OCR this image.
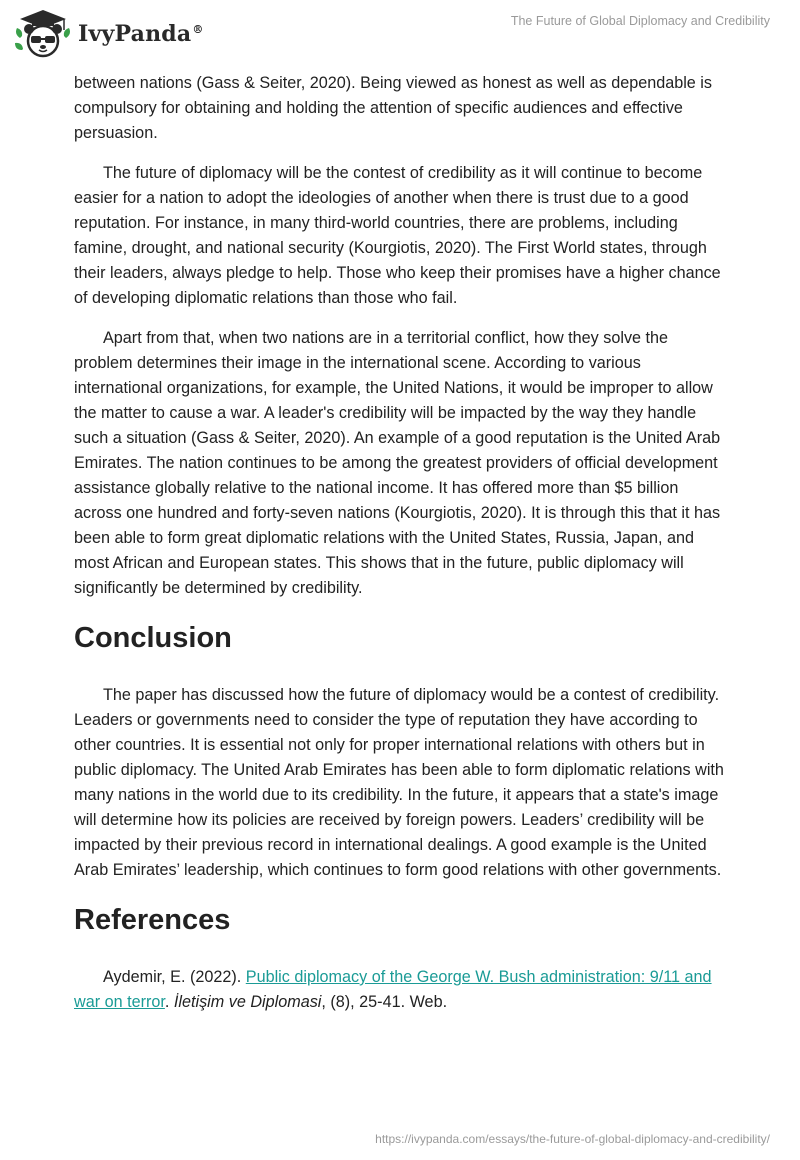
IvyPanda®
The Future of Global Diplomacy and Credibility

between nations (Gass & Seiter, 2020). Being viewed as honest as well as dependable is compulsory for obtaining and holding the attention of specific audiences and effective persuasion.

The future of diplomacy will be the contest of credibility as it will continue to become easier for a nation to adopt the ideologies of another when there is trust due to a good reputation. For instance, in many third-world countries, there are problems, including famine, drought, and national security (Kourgiotis, 2020). The First World states, through their leaders, always pledge to help. Those who keep their promises have a higher chance of developing diplomatic relations than those who fail.

Apart from that, when two nations are in a territorial conflict, how they solve the problem determines their image in the international scene. According to various international organizations, for example, the United Nations, it would be improper to allow the matter to cause a war. A leader's credibility will be impacted by the way they handle such a situation (Gass & Seiter, 2020). An example of a good reputation is the United Arab Emirates. The nation continues to be among the greatest providers of official development assistance globally relative to the national income. It has offered more than $5 billion across one hundred and forty-seven nations (Kourgiotis, 2020). It is through this that it has been able to form great diplomatic relations with the United States, Russia, Japan, and most African and European states. This shows that in the future, public diplomacy will significantly be determined by credibility.

Conclusion

The paper has discussed how the future of diplomacy would be a contest of credibility. Leaders or governments need to consider the type of reputation they have according to other countries. It is essential not only for proper international relations with others but in public diplomacy. The United Arab Emirates has been able to form diplomatic relations with many nations in the world due to its credibility. In the future, it appears that a state's image will determine how its policies are received by foreign powers. Leaders’ credibility will be impacted by their previous record in international dealings. A good example is the United Arab Emirates’ leadership, which continues to form good relations with other governments.

References

Aydemir, E. (2022). Public diplomacy of the George W. Bush administration: 9/11 and war on terror. İletişim ve Diplomasi, (8), 25-41. Web.

https://ivypanda.com/essays/the-future-of-global-diplomacy-and-credibility/
